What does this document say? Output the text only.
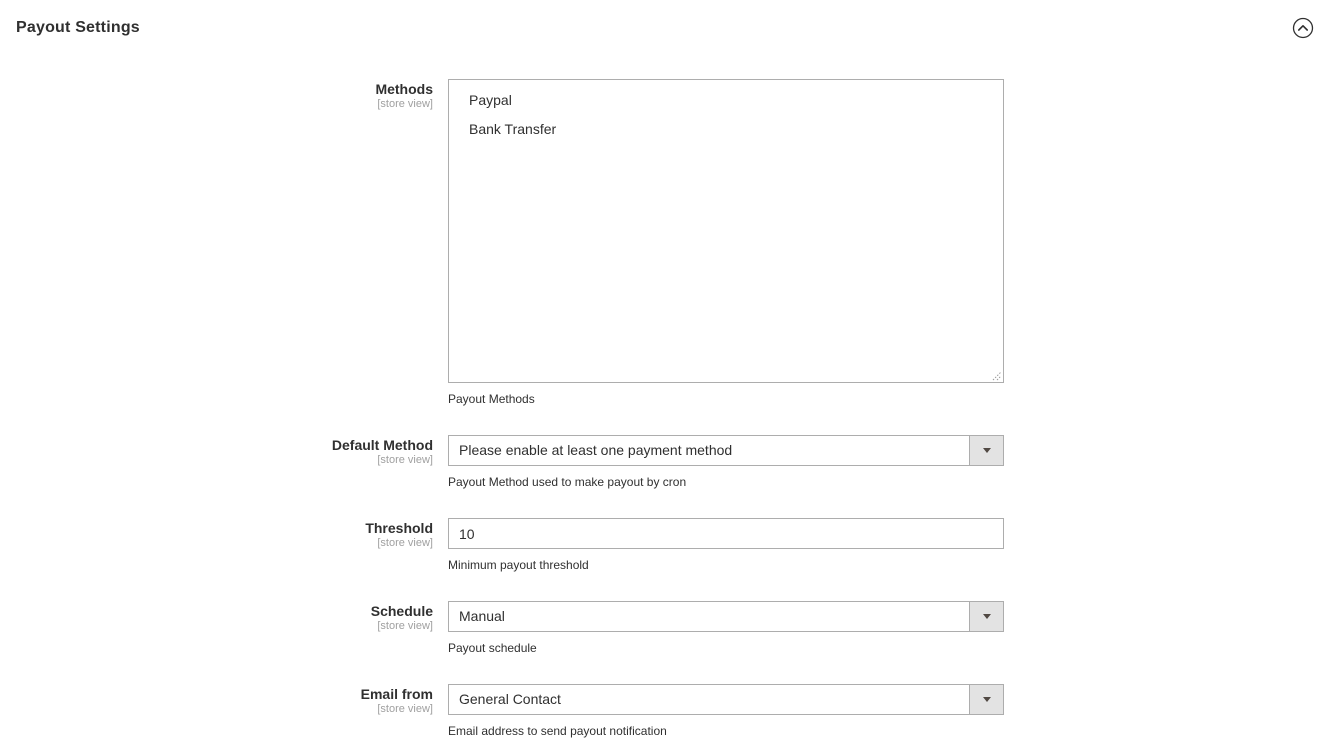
Payout Settings
Methods
[store view]	Paypal
Bank Transfer
Payout Methods
Default Method
[store view]
Please enable at least one payment method
Payout Method used to make payout by cron
Threshold
[store view]
10
Minimum payout threshold
Schedule
[store view]
Manual
Payout schedule
Email from
[store view]
General Contact
Email address to send payout notification
